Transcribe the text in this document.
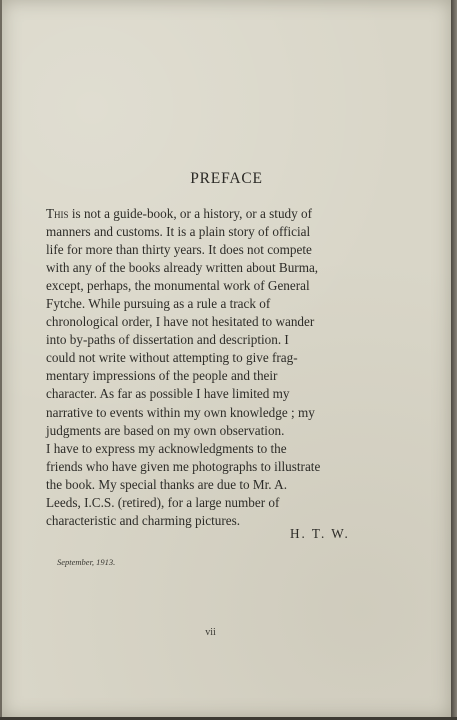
PREFACE
This is not a guide-book, or a history, or a study of
manners and customs. It is a plain story of official
life for more than thirty years. It does not compete
with any of the books already written about Burma,
except, perhaps, the monumental work of General
Fytche. While pursuing as a rule a track of
chronological order, I have not hesitated to wander
into by-paths of dissertation and description. I
could not write without attempting to give frag-
mentary impressions of the people and their
character. As far as possible I have limited my
narrative to events within my own knowledge ; my
judgments are based on my own observation.
I have to express my acknowledgments to the
friends who have given me photographs to illustrate
the book. My special thanks are due to Mr. A.
Leeds, I.C.S. (retired), for a large number of
characteristic and charming pictures.
H. T. W.
September, 1913.
vii
